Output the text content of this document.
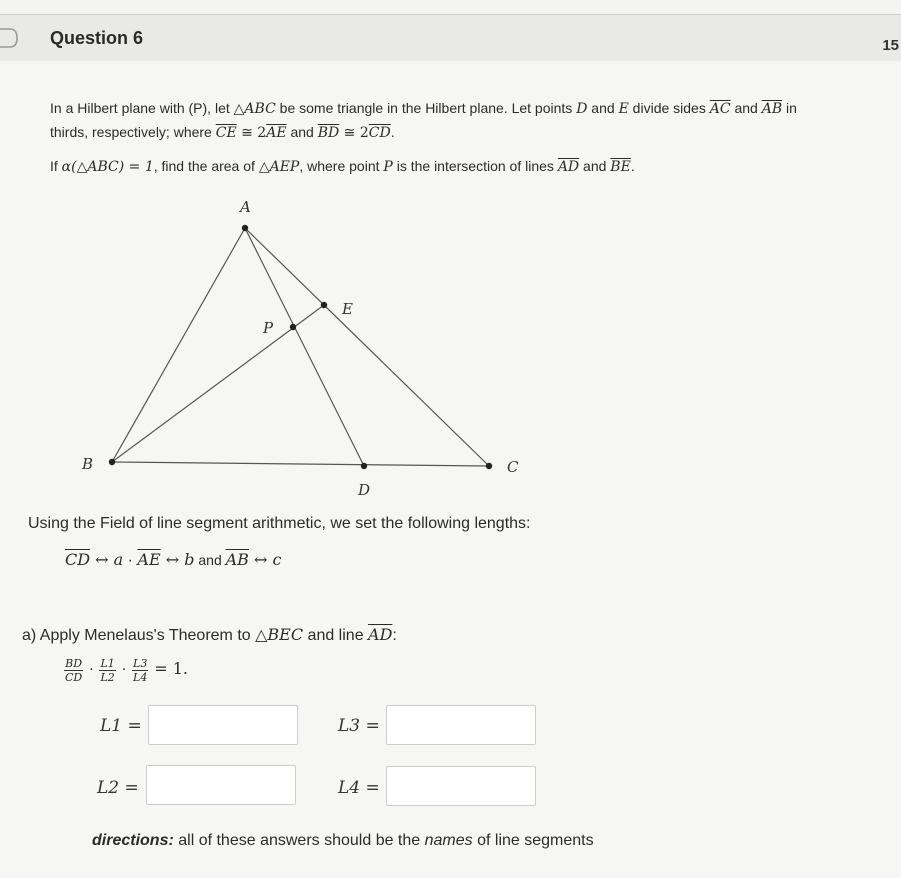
Question 6	15
In a Hilbert plane with (P), let △ABC be some triangle in the Hilbert plane. Let points D and E divide sides $\overline{AC}$ and $\overline{AB}$ in
thirds, respectively; where $\overline{CE}$ ≅ $2\overline{AE}$ and $\overline{BD}$ ≅ $2\overline{CD}$.
If α(△ABC) = 1, find the area of △AEP, where point P is the intersection of lines $\overline{AD}$ and $\overline{BE}$.
A
B	C
D
E
P
Using the Field of line segment arithmetic, we set the following lengths:
$\overline{CD}$ ↔ $a \cdot \overline{AE}$ ↔ b and $\overline{AB}$ ↔ c
a) Apply Menelaus's Theorem to △BEC and line $\overline{AD}$:
$\frac{BD}{CD} \cdot \frac{L1}{L2} \cdot \frac{L3}{L4} = 1$.
L1 =	L3 =
L2 =	L4 =
directions: all of these answers should be the names of line segments
